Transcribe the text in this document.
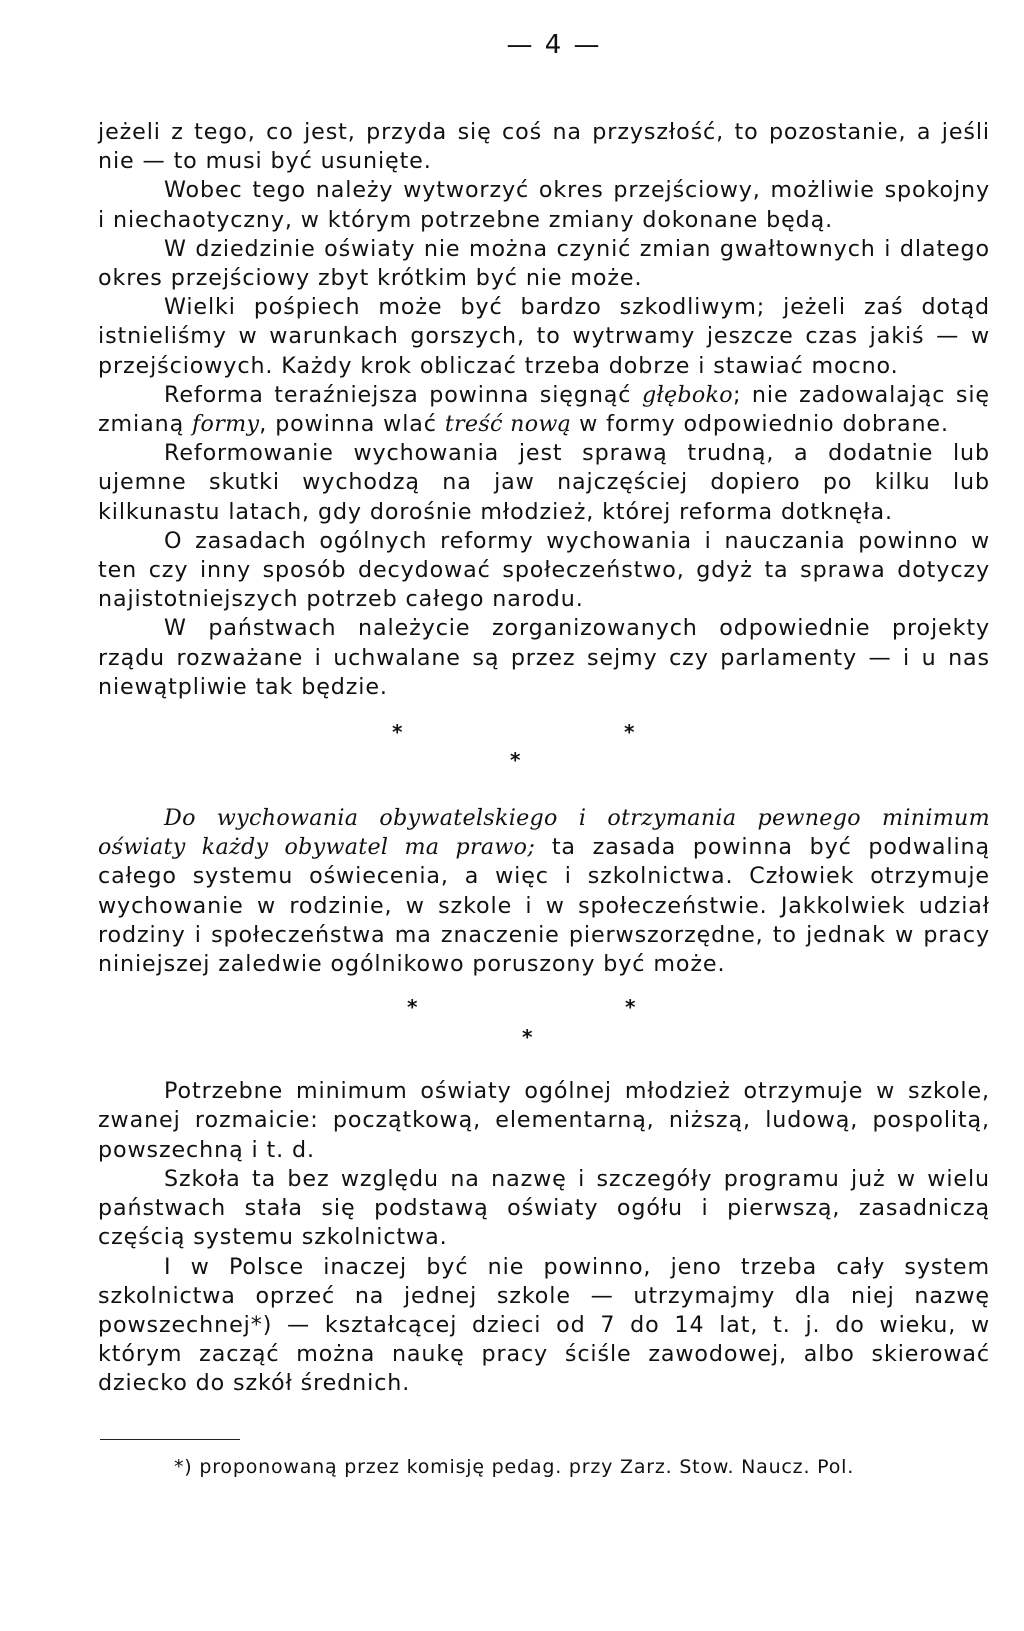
— 4 —

jeżeli z tego, co jest, przyda się coś na przyszłość, to pozostanie, a jeśli nie — to musi być usunięte.

Wobec tego należy wytworzyć okres przejściowy, możliwie spokojny i niechaotyczny, w którym potrzebne zmiany dokonane będą.

W dziedzinie oświaty nie można czynić zmian gwałtownych i dlatego okres przejściowy zbyt krótkim być nie może.

Wielki pośpiech może być bardzo szkodliwym; jeżeli zaś dotąd istnieliśmy w warunkach gorszych, to wytrwamy jeszcze czas jakiś — w przejściowych. Każdy krok obliczać trzeba dobrze i stawiać mocno.

Reforma teraźniejsza powinna sięgnąć głęboko; nie zadowalając się zmianą formy, powinna wlać treść nową w formy odpowiednio dobrane.

Reformowanie wychowania jest sprawą trudną, a dodatnie lub ujemne skutki wychodzą na jaw najczęściej dopiero po kilku lub kilkunastu latach, gdy dorośnie młodzież, której reforma dotknęła.

O zasadach ogólnych reformy wychowania i nauczania powinno w ten czy inny sposób decydować społeczeństwo, gdyż ta sprawa dotyczy najistotniejszych potrzeb całego narodu.

W państwach należycie zorganizowanych odpowiednie projekty rządu rozważane i uchwalane są przez sejmy czy parlamenty — i u nas niewątpliwie tak będzie.

*	*
*

Do wychowania obywatelskiego i otrzymania pewnego minimum oświaty każdy obywatel ma prawo; ta zasada powinna być podwaliną całego systemu oświecenia, a więc i szkolnictwa. Człowiek otrzymuje wychowanie w rodzinie, w szkole i w społeczeństwie. Jakkolwiek udział rodziny i społeczeństwa ma znaczenie pierwszorzędne, to jednak w pracy niniejszej zaledwie ogólnikowo poruszony być może.

*	*
*

Potrzebne minimum oświaty ogólnej młodzież otrzymuje w szkole, zwanej rozmaicie: początkową, elementarną, niższą, ludową, pospolitą, powszechną i t. d.

Szkoła ta bez względu na nazwę i szczegóły programu już w wielu państwach stała się podstawą oświaty ogółu i pierwszą, zasadniczą częścią systemu szkolnictwa.

I w Polsce inaczej być nie powinno, jeno trzeba cały system szkolnictwa oprzeć na jednej szkole — utrzymajmy dla niej nazwę powszechnej*) — kształcącej dzieci od 7 do 14 lat, t. j. do wieku, w którym zacząć można naukę pracy ściśle zawodowej, albo skierować dziecko do szkół średnich.

*) proponowaną przez komisję pedag. przy Zarz. Stow. Naucz. Pol.
